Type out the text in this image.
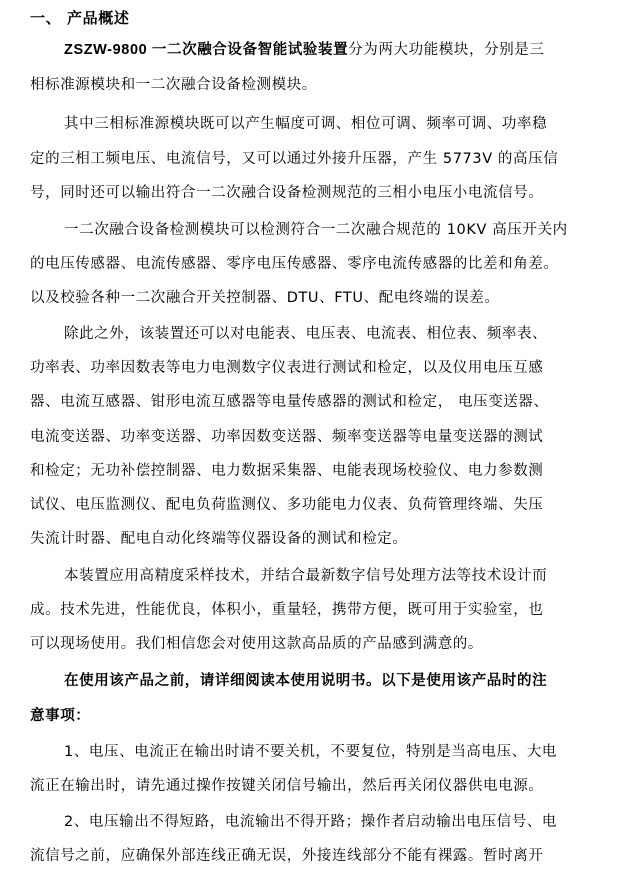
一、 产品概述
ZSZW-9800 一二次融合设备智能试验装置分为两大功能模块，分别是三
相标准源模块和一二次融合设备检测模块。
其中三相标准源模块既可以产生幅度可调、相位可调、频率可调、功率稳
定的三相工频电压、电流信号，又可以通过外接升压器，产生 5773V 的高压信
号，同时还可以输出符合一二次融合设备检测规范的三相小电压小电流信号。
一二次融合设备检测模块可以检测符合一二次融合规范的 10KV 高压开关内
的电压传感器、电流传感器、零序电压传感器、零序电流传感器的比差和角差。
以及校验各种一二次融合开关控制器、DTU、FTU、配电终端的误差。
除此之外，该装置还可以对电能表、电压表、电流表、相位表、频率表、
功率表、功率因数表等电力电测数字仪表进行测试和检定，以及仪用电压互感
器、电流互感器、钳形电流互感器等电量传感器的测试和检定， 电压变送器、
电流变送器、功率变送器、功率因数变送器、频率变送器等电量变送器的测试
和检定；无功补偿控制器、电力数据采集器、电能表现场校验仪、电力参数测
试仪、电压监测仪、配电负荷监测仪、多功能电力仪表、负荷管理终端、失压
失流计时器、配电自动化终端等仪器设备的测试和检定。
本装置应用高精度采样技术，并结合最新数字信号处理方法等技术设计而
成。技术先进，性能优良，体积小，重量轻，携带方便，既可用于实验室，也
可以现场使用。我们相信您会对使用这款高品质的产品感到满意的。
在使用该产品之前，请详细阅读本使用说明书。以下是使用该产品时的注
意事项：
1、电压、电流正在输出时请不要关机，不要复位，特别是当高电压、大电
流正在输出时，请先通过操作按键关闭信号输出，然后再关闭仪器供电电源。
2、电压输出不得短路，电流输出不得开路；操作者启动输出电压信号、电
流信号之前，应确保外部连线正确无误，外接连线部分不能有裸露。暂时离开
